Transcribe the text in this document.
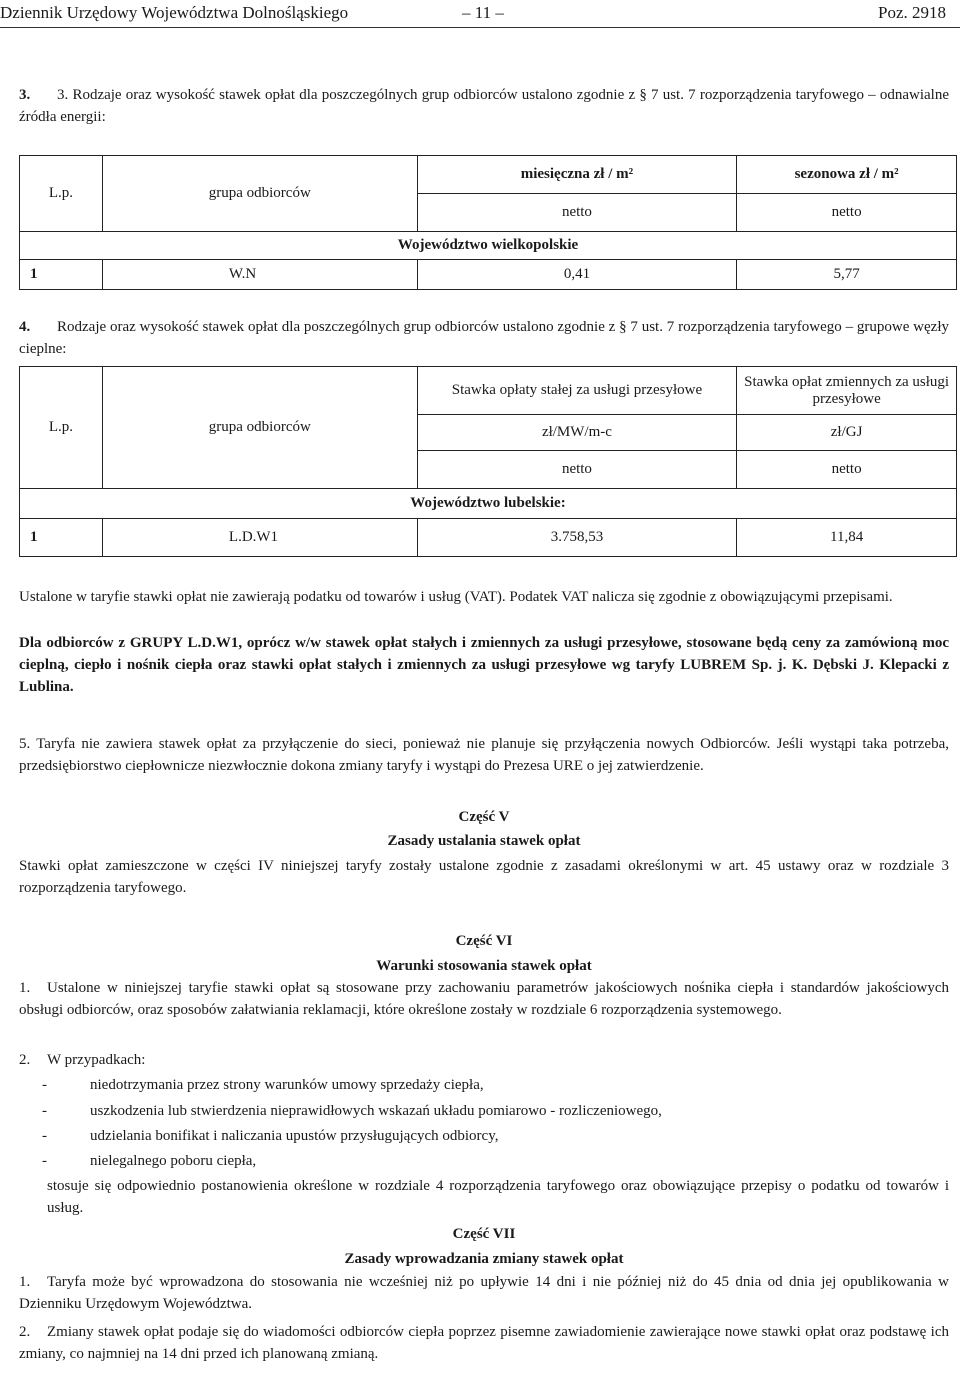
Dziennik Urzędowy Województwa Dolnośląskiego	– 11 –	Poz. 2918
3. 3. Rodzaje oraz wysokość stawek opłat dla poszczególnych grup odbiorców ustalono zgodnie z § 7 ust. 7 rozporządzenia taryfowego – odnawialne źródła energii:
L.p.	grupa odbiorców	miesięczna zł / m²	sezonowa zł / m²
		netto	netto
Województwo wielkopolskie			
1	W.N	0,41	5,77
4. Rodzaje oraz wysokość stawek opłat dla poszczególnych grup odbiorców ustalono zgodnie z § 7 ust. 7 rozporządzenia taryfowego – grupowe węzły cieplne:
L.p.	grupa odbiorców	Stawka opłaty stałej za usługi przesyłowe	Stawka opłat zmiennych za usługi przesyłowe
		zł/MW/m-c	zł/GJ
		netto	netto
Województwo lubelskie:			
1	L.D.W1	3.758,53	11,84
Ustalone w taryfie stawki opłat nie zawierają podatku od towarów i usług (VAT). Podatek VAT nalicza się zgodnie z obowiązującymi przepisami.
Dla odbiorców z GRUPY L.D.W1, oprócz w/w stawek opłat stałych i zmiennych za usługi przesyłowe, stosowane będą ceny za zamówioną moc cieplną, ciepło i nośnik ciepła oraz stawki opłat stałych i zmiennych za usługi przesyłowe wg taryfy LUBREM Sp. j. K. Dębski J. Klepacki z Lublina.
5. Taryfa nie zawiera stawek opłat za przyłączenie do sieci, ponieważ nie planuje się przyłączenia nowych Odbiorców. Jeśli wystąpi taka potrzeba, przedsiębiorstwo ciepłownicze niezwłocznie dokona zmiany taryfy i wystąpi do Prezesa URE o jej zatwierdzenie.
Część V
Zasady ustalania stawek opłat
Stawki opłat zamieszczone w części IV niniejszej taryfy zostały ustalone zgodnie z zasadami określonymi w art. 45 ustawy oraz w rozdziale 3 rozporządzenia taryfowego.
Część VI
Warunki stosowania stawek opłat
1. Ustalone w niniejszej taryfie stawki opłat są stosowane przy zachowaniu parametrów jakościowych nośnika ciepła i standardów jakościowych obsługi odbiorców, oraz sposobów załatwiania reklamacji, które określone zostały w rozdziale 6 rozporządzenia systemowego.
2. W przypadkach:
-	niedotrzymania przez strony warunków umowy sprzedaży ciepła,
-	uszkodzenia lub stwierdzenia nieprawidłowych wskazań układu pomiarowo - rozliczeniowego,
-	udzielania bonifikat i naliczania upustów przysługujących odbiorcy,
-	nielegalnego poboru ciepła,
stosuje się odpowiednio postanowienia określone w rozdziale 4 rozporządzenia taryfowego oraz obowiązujące przepisy o podatku od towarów i usług.
Część VII
Zasady wprowadzania zmiany stawek opłat
1. Taryfa może być wprowadzona do stosowania nie wcześniej niż po upływie 14 dni i nie później niż do 45 dnia od dnia jej opublikowania w Dzienniku Urzędowym Województwa.
2. Zmiany stawek opłat podaje się do wiadomości odbiorców ciepła poprzez pisemne zawiadomienie zawierające nowe stawki opłat oraz podstawę ich zmiany, co najmniej na 14 dni przed ich planowaną zmianą.
